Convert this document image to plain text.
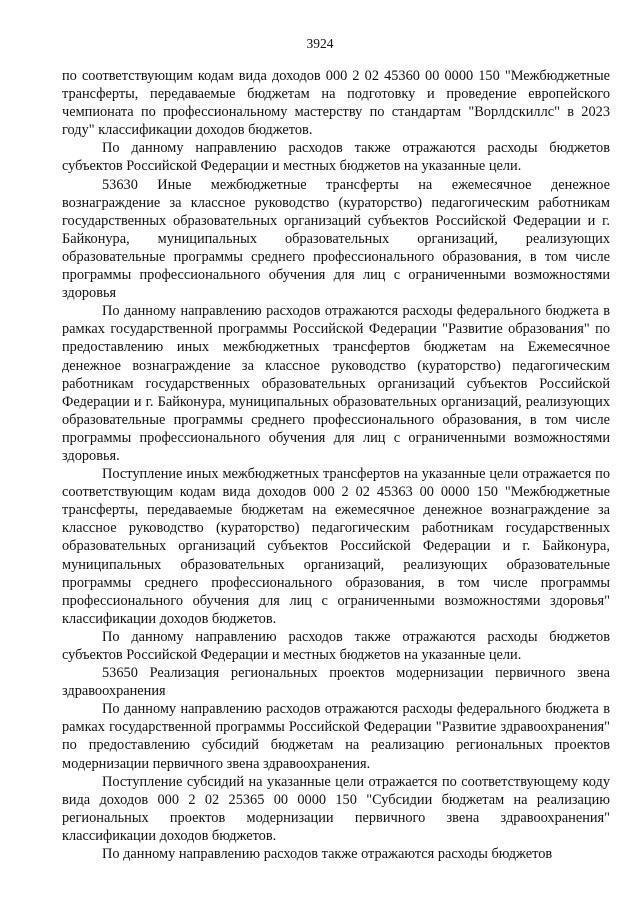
3924

по соответствующим кодам вида доходов 000 2 02 45360 00 0000 150 "Межбюджетные трансферты, передаваемые бюджетам на подготовку и проведение европейского чемпионата по профессиональному мастерству по стандартам "Ворлдскиллс" в 2023 году" классификации доходов бюджетов.

По данному направлению расходов также отражаются расходы бюджетов субъектов Российской Федерации и местных бюджетов на указанные цели.

53630 Иные межбюджетные трансферты на ежемесячное денежное вознаграждение за классное руководство (кураторство) педагогическим работникам государственных образовательных организаций субъектов Российской Федерации и г. Байконура, муниципальных образовательных организаций, реализующих образовательные программы среднего профессионального образования, в том числе программы профессионального обучения для лиц с ограниченными возможностями здоровья

По данному направлению расходов отражаются расходы федерального бюджета в рамках государственной программы Российской Федерации "Развитие образования" по предоставлению иных межбюджетных трансфертов бюджетам на Ежемесячное денежное вознаграждение за классное руководство (кураторство) педагогическим работникам государственных образовательных организаций субъектов Российской Федерации и г. Байконура, муниципальных образовательных организаций, реализующих образовательные программы среднего профессионального образования, в том числе программы профессионального обучения для лиц с ограниченными возможностями здоровья.

Поступление иных межбюджетных трансфертов на указанные цели отражается по соответствующим кодам вида доходов 000 2 02 45363 00 0000 150 "Межбюджетные трансферты, передаваемые бюджетам на ежемесячное денежное вознаграждение за классное руководство (кураторство) педагогическим работникам государственных образовательных организаций субъектов Российской Федерации и г. Байконура, муниципальных образовательных организаций, реализующих образовательные программы среднего профессионального образования, в том числе программы профессионального обучения для лиц с ограниченными возможностями здоровья" классификации доходов бюджетов.

По данному направлению расходов также отражаются расходы бюджетов субъектов Российской Федерации и местных бюджетов на указанные цели.

53650 Реализация региональных проектов модернизации первичного звена здравоохранения

По данному направлению расходов отражаются расходы федерального бюджета в рамках государственной программы Российской Федерации "Развитие здравоохранения" по предоставлению субсидий бюджетам на реализацию региональных проектов модернизации первичного звена здравоохранения.

Поступление субсидий на указанные цели отражается по соответствующему коду вида доходов 000 2 02 25365 00 0000 150 "Субсидии бюджетам на реализацию региональных проектов модернизации первичного звена здравоохранения" классификации доходов бюджетов.

По данному направлению расходов также отражаются расходы бюджетов
